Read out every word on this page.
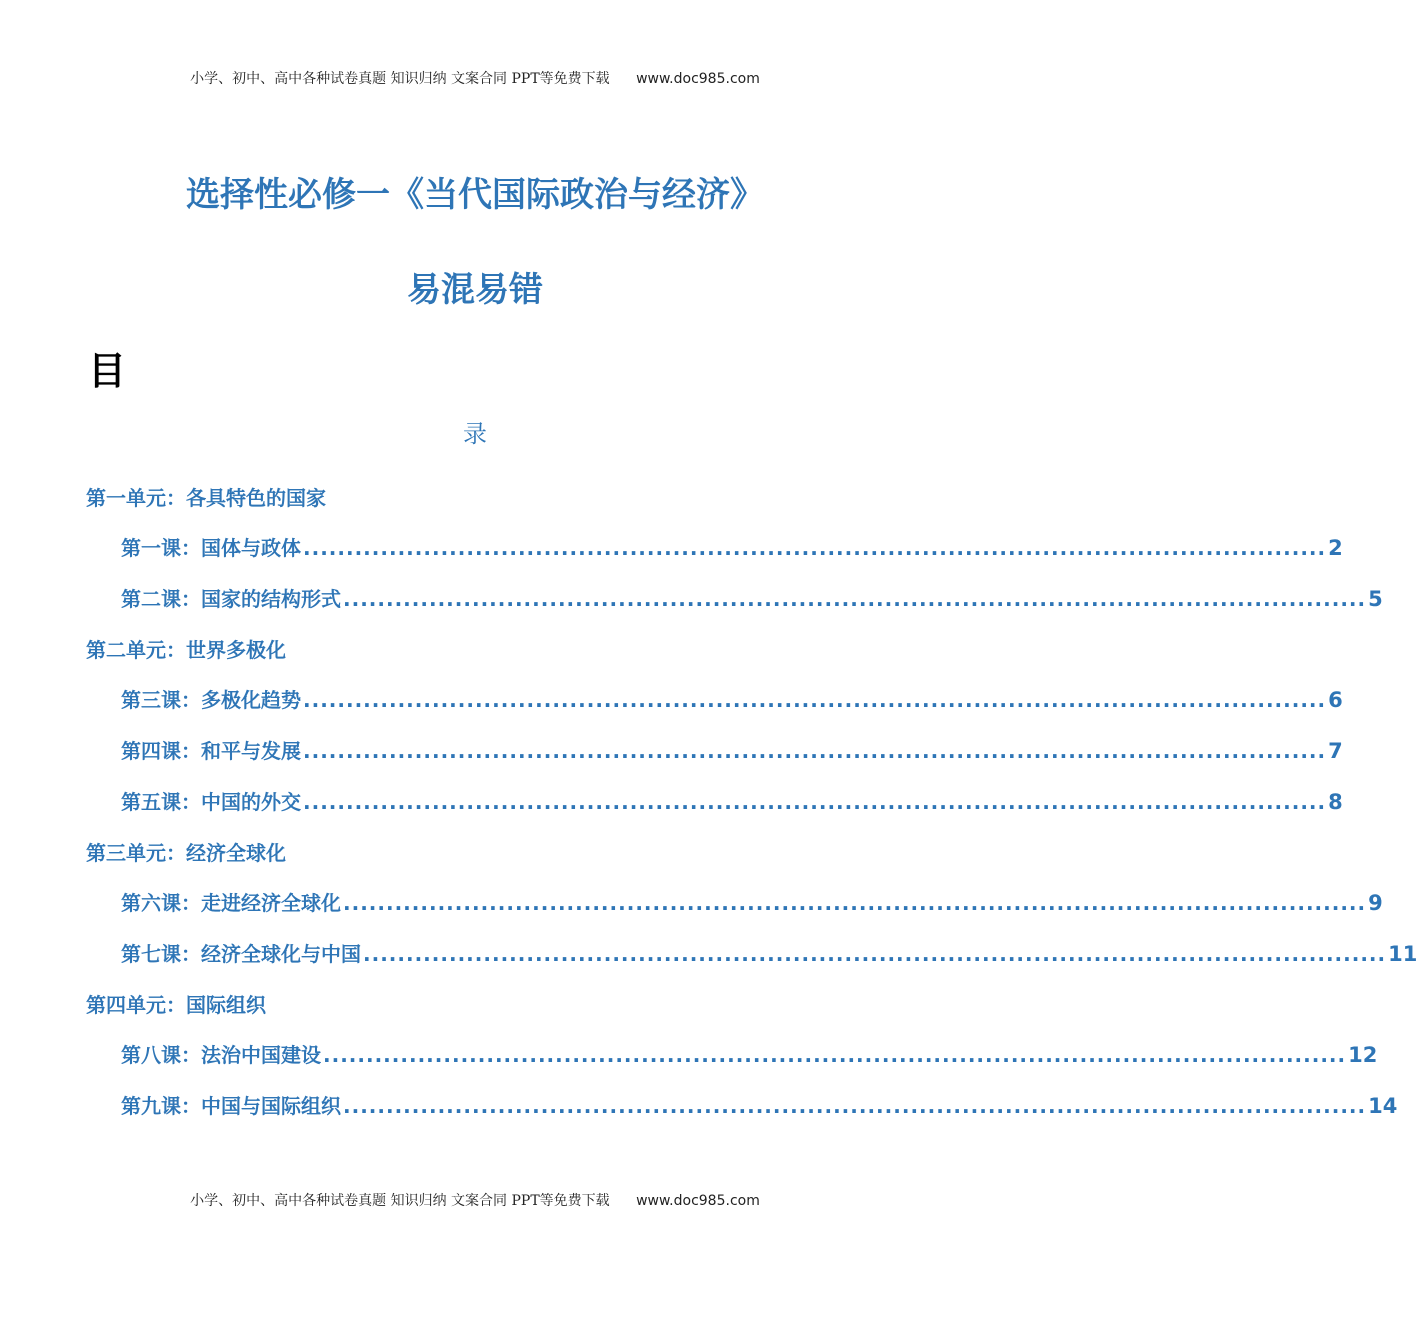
小学、初中、高中各种试卷真题 知识归纳 文案合同 PPT等免费下载 www.doc985.com
选择性必修一《当代国际政治与经济》
易混易错
目
录
第一单元：各具特色的国家
第一课：国体与政体 ....................................................................................................................... 2
第二课：国家的结构形式 ....................................................................................................................... 5
第二单元：世界多极化
第三课：多极化趋势 ....................................................................................................................... 6
第四课：和平与发展 ....................................................................................................................... 7
第五课：中国的外交 ....................................................................................................................... 8
第三单元：经济全球化
第六课：走进经济全球化 ....................................................................................................................... 9
第七课：经济全球化与中国 ....................................................................................................................... 11
第四单元：国际组织
第八课：法治中国建设 ....................................................................................................................... 12
第九课：中国与国际组织 ....................................................................................................................... 14
小学、初中、高中各种试卷真题 知识归纳 文案合同 PPT等免费下载 www.doc985.com
